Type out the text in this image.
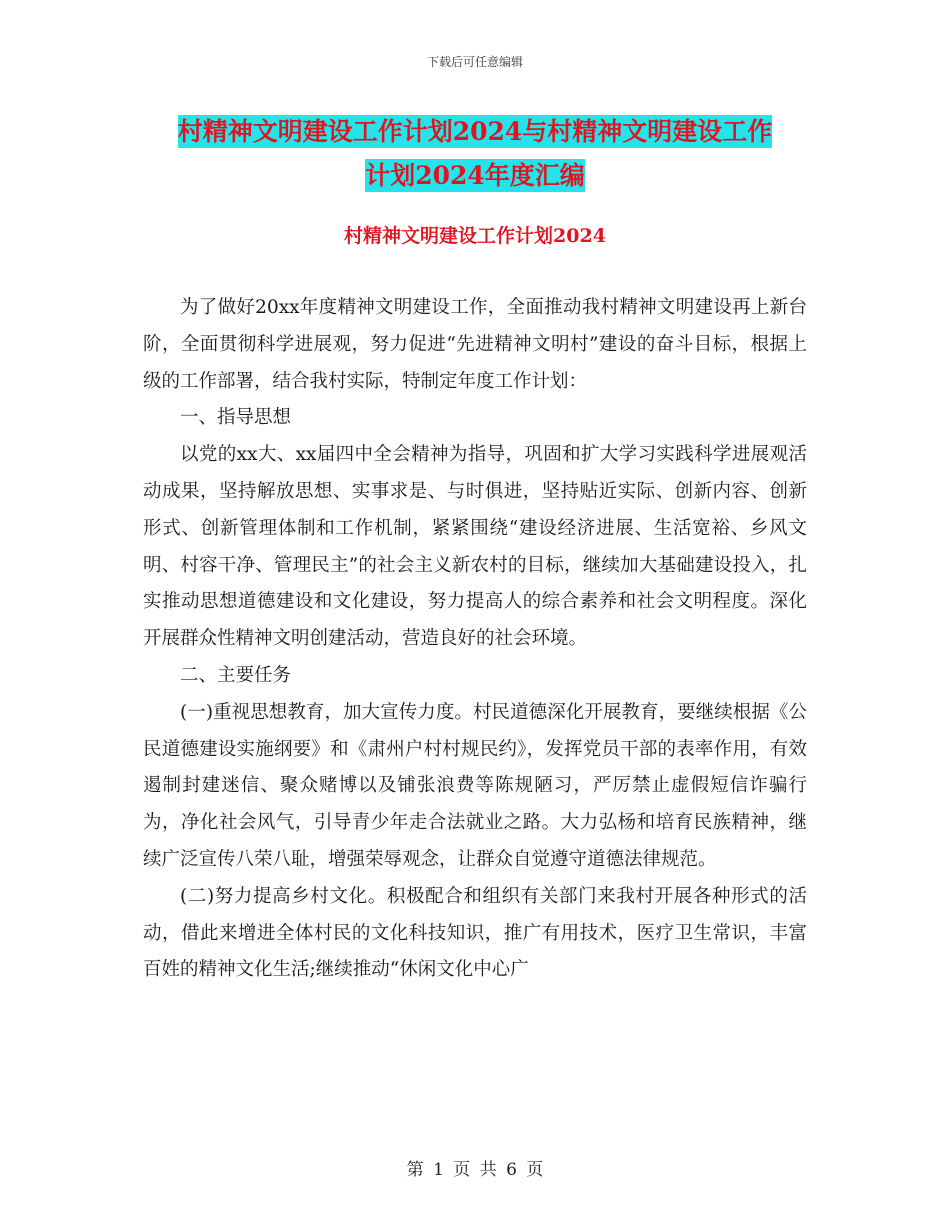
下载后可任意编辑
村精神文明建设工作计划2024与村精神文明建设工作
计划2024年度汇编
村精神文明建设工作计划2024

为了做好20xx年度精神文明建设工作，全面推动我村精神文明建设再上新台阶，全面贯彻科学进展观，努力促进“先进精神文明村”建设的奋斗目标，根据上级的工作部署，结合我村实际，特制定年度工作计划：

一、指导思想

以党的xx大、xx届四中全会精神为指导，巩固和扩大学习实践科学进展观活动成果，坚持解放思想、实事求是、与时俱进，坚持贴近实际、创新内容、创新形式、创新管理体制和工作机制，紧紧围绕“建设经济进展、生活宽裕、乡风文明、村容干净、管理民主”的社会主义新农村的目标，继续加大基础建设投入，扎实推动思想道德建设和文化建设，努力提高人的综合素养和社会文明程度。深化开展群众性精神文明创建活动，营造良好的社会环境。

二、主要任务

(一)重视思想教育，加大宣传力度。村民道德深化开展教育，要继续根据《公民道德建设实施纲要》和《肃州户村村规民约》，发挥党员干部的表率作用，有效遏制封建迷信、聚众赌博以及铺张浪费等陈规陋习，严厉禁止虚假短信诈骗行为，净化社会风气，引导青少年走合法就业之路。大力弘杨和培育民族精神，继续广泛宣传八荣八耻，增强荣辱观念，让群众自觉遵守道德法律规范。

(二)努力提高乡村文化。积极配合和组织有关部门来我村开展各种形式的活动，借此来增进全体村民的文化科技知识，推广有用技术，医疗卫生常识，丰富百姓的精神文化生活;继续推动“休闲文化中心广

第 1 页 共 6 页
